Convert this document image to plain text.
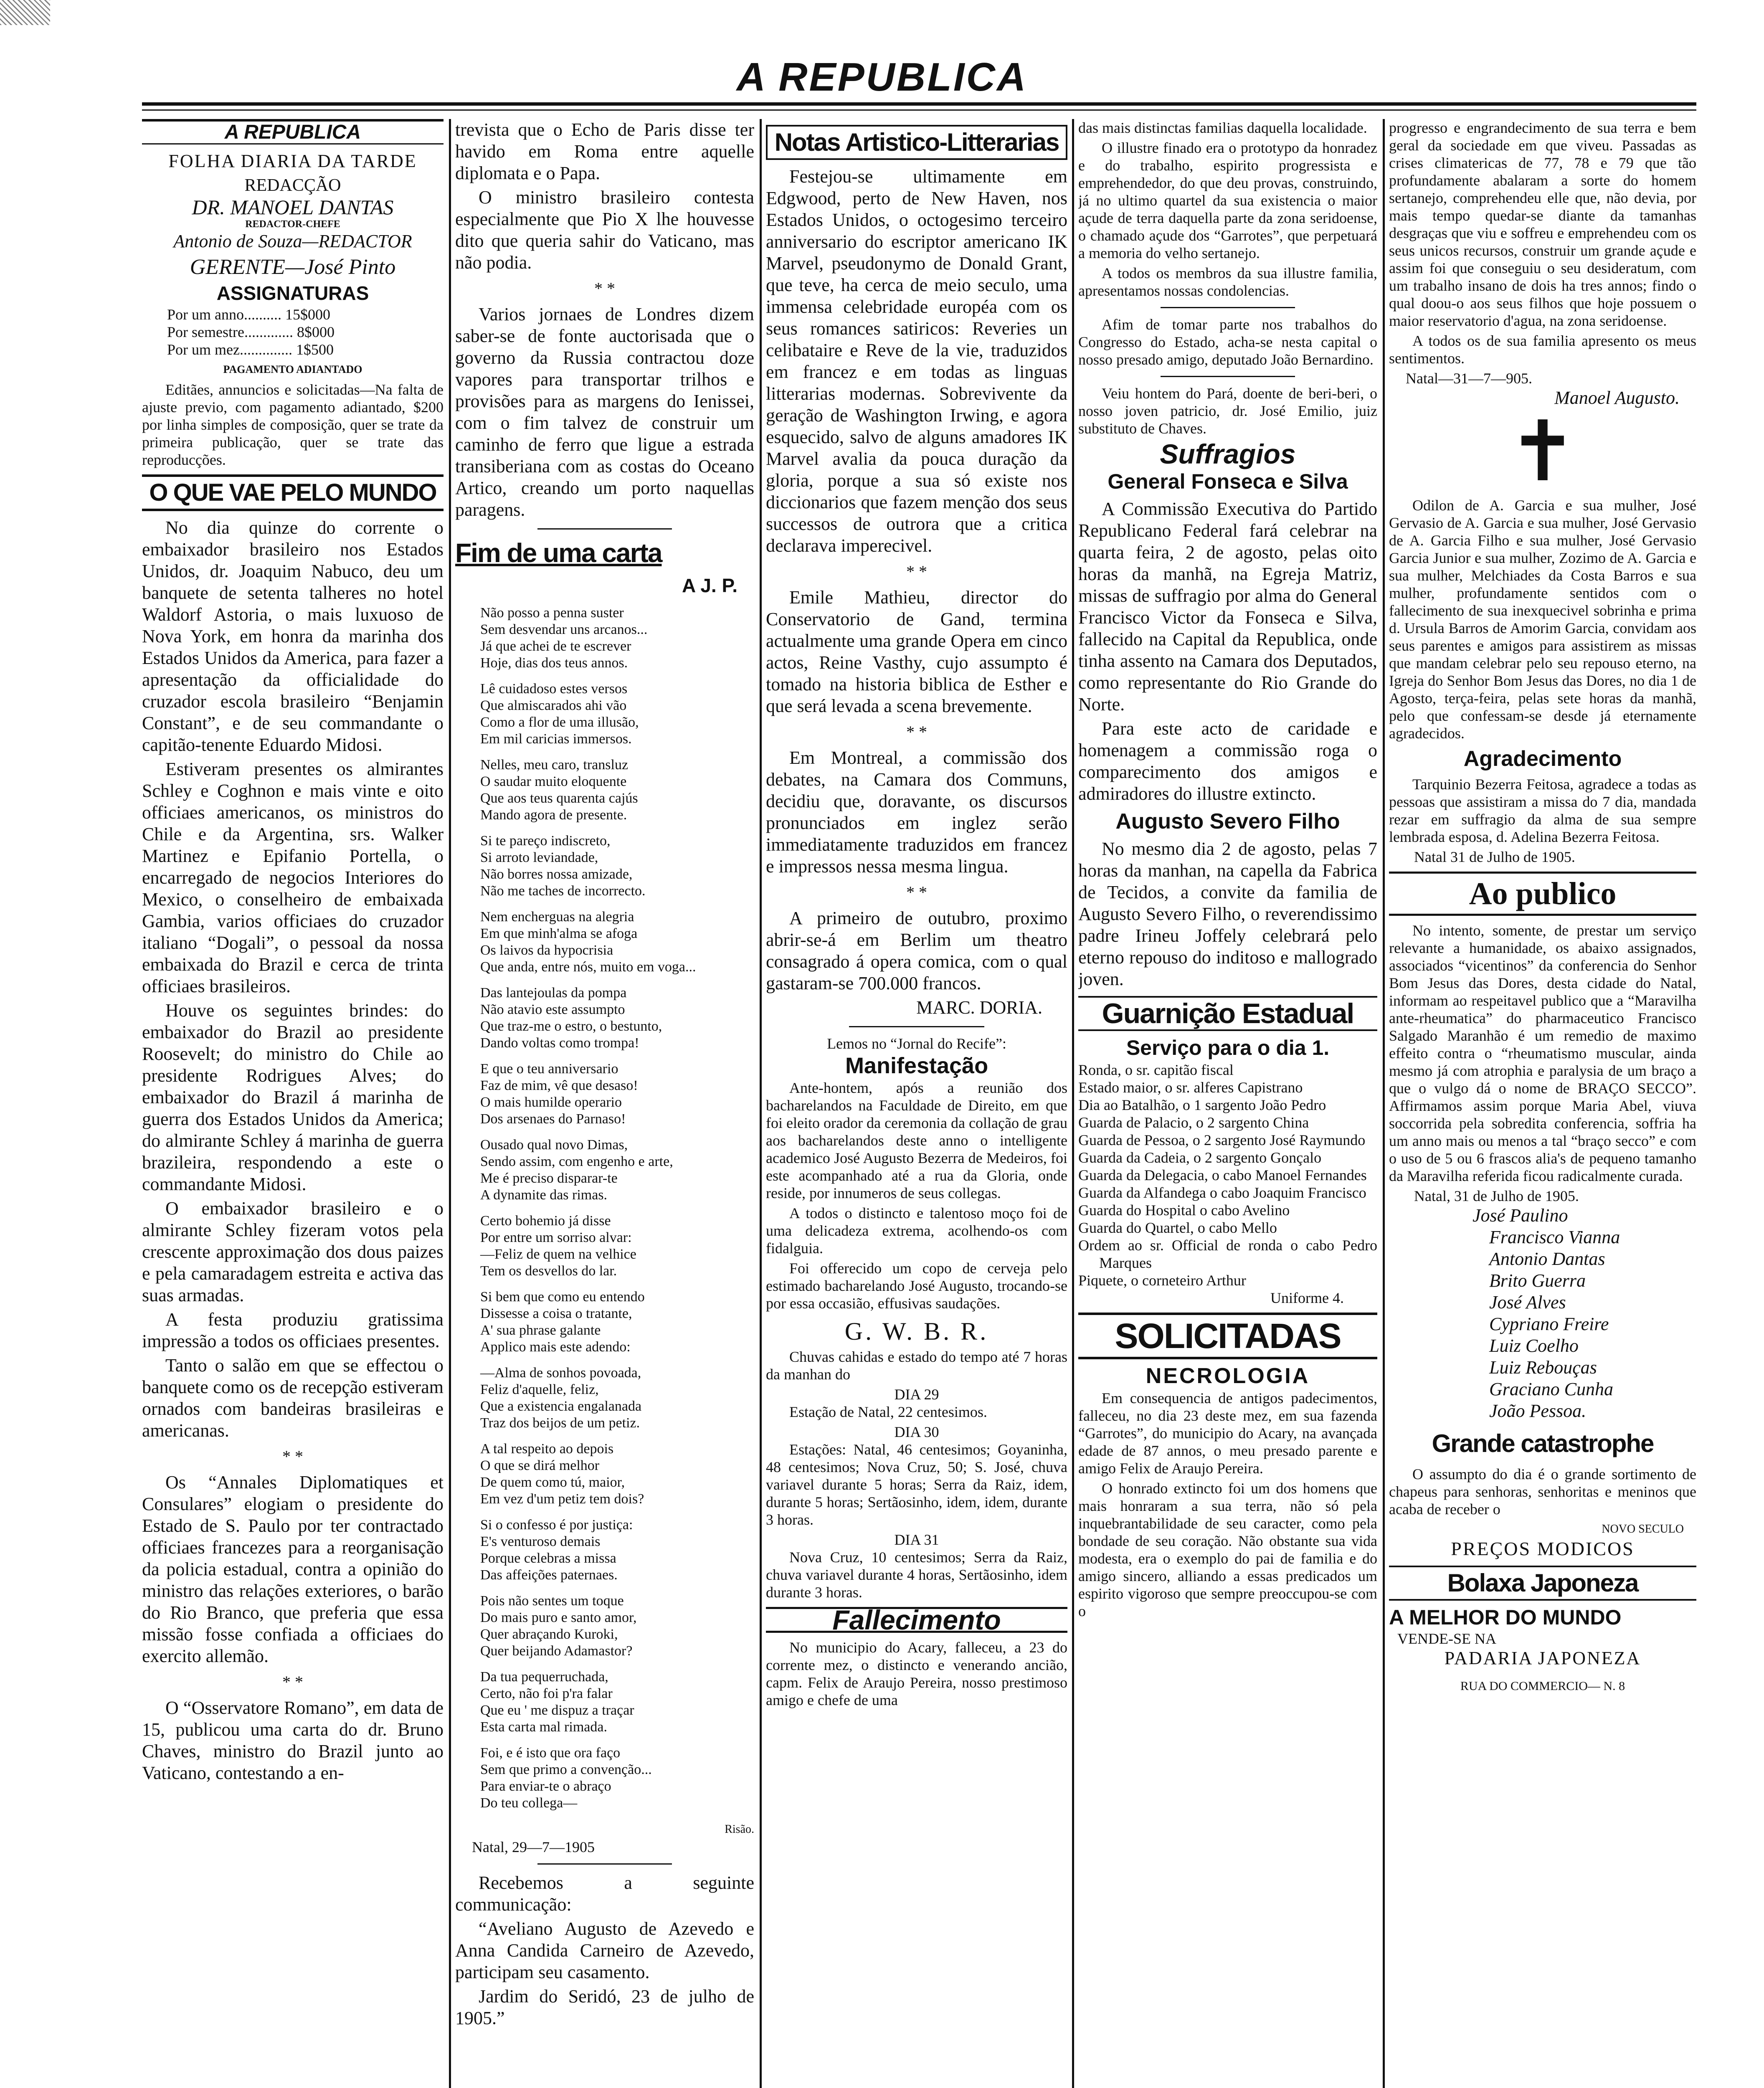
A REPUBLICA
A REPUBLICA
FOLHA DIARIA DA TARDE
REDACÇÃO
DR. MANOEL DANTAS
REDACTOR-CHEFE
Antonio de Souza—REDACTOR
GERENTE—José Pinto
ASSIGNATURAS
Por um anno.......... 15$000
Por semestre............. 8$000
Por um mez.............. 1$500
PAGAMENTO ADIANTADO

Editães, annuncios e solicitadas—Na falta de ajuste previo, com pagamento adiantado, $200 por linha simples de composição, quer se trate da primeira publicação, quer se trate das reproducções.

O QUE VAE PELO MUNDO

No dia quinze do corrente o embaixador brasileiro nos Estados Unidos, dr. Joaquim Nabuco, deu um banquete de setenta talheres no hotel Waldorf Astoria, o mais luxuoso de Nova York, em honra da marinha dos Estados Unidos da America, para fazer a apresentação da officialidade do cruzador escola brasileiro “Benjamin Constant”, e de seu commandante o capitão-tenente Eduardo Midosi.

Estiveram presentes os almirantes Schley e Coghnon e mais vinte e oito officiaes americanos, os ministros do Chile e da Argentina, srs. Walker Martinez e Epifanio Portella, o encarregado de negocios Interiores do Mexico, o conselheiro de embaixada Gambia, varios officiaes do cruzador italiano “Dogali”, o pessoal da nossa embaixada do Brazil e cerca de trinta officiaes brasileiros.

Houve os seguintes brindes: do embaixador do Brazil ao presidente Roosevelt; do ministro do Chile ao presidente Rodrigues Alves; do embaixador do Brazil á marinha de guerra dos Estados Unidos da America; do almirante Schley á marinha de guerra brazileira, respondendo a este o commandante Midosi.

O embaixador brasileiro e o almirante Schley fizeram votos pela crescente approximação dos dous paizes e pela camaradagem estreita e activa das suas armadas.

A festa produziu gratissima impressão a todos os officiaes presentes.

Tanto o salão em que se effectou o banquete como os de recepção estiveram ornados com bandeiras brasileiras e americanas.

* *

Os “Annales Diplomatiques et Consulares” elogiam o presidente do Estado de S. Paulo por ter contractado officiaes francezes para a reorganisação da policia estadual, contra a opinião do ministro das relações exteriores, o barão do Rio Branco, que preferia que essa missão fosse confiada a officiaes do exercito allemão.

* *

O “Osservatore Romano”, em data de 15, publicou uma carta do dr. Bruno Chaves, ministro do Brazil junto ao Vaticano, contestando a en-

trevista que o Echo de Paris disse ter havido em Roma entre aquelle diplomata e o Papa.

O ministro brasileiro contesta especialmente que Pio X lhe houvesse dito que queria sahir do Vaticano, mas não podia.

* *

Varios jornaes de Londres dizem saber-se de fonte auctorisada que o governo da Russia contractou doze vapores para transportar trilhos e provisões para as margens do Ienissei, com o fim talvez de construir um caminho de ferro que ligue a estrada transiberiana com as costas do Oceano Artico, creando um porto naquellas paragens.

Fim de uma carta
A J. P.
Não posso a penna suster
Sem desvendar uns arcanos...
Já que achei de te escrever
Hoje, dias dos teus annos.
Lê cuidadoso estes versos
Que almiscarados ahi vão
Como a flor de uma illusão,
Em mil caricias immersos.
Nelles, meu caro, transluz
O saudar muito eloquente
Que aos teus quarenta cajús
Mando agora de presente.
Si te pareço indiscreto,
Si arroto leviandade,
Não borres nossa amizade,
Não me taches de incorrecto.
Nem encherguas na alegria
Em que minh'alma se afoga
Os laivos da hypocrisia
Que anda, entre nós, muito em voga...
Das lantejoulas da pompa
Não atavio este assumpto
Que traz-me o estro, o bestunto,
Dando voltas como trompa!
E que o teu anniversario
Faz de mim, vê que desaso!
O mais humilde operario
Dos arsenaes do Parnaso!
Ousado qual novo Dimas,
Sendo assim, com engenho e arte,
Me é preciso disparar-te
A dynamite das rimas.
Certo bohemio já disse
Por entre um sorriso alvar:
—Feliz de quem na velhice
Tem os desvellos do lar.
Si bem que como eu entendo
Dissesse a coisa o tratante,
A' sua phrase galante
Applico mais este adendo:
—Alma de sonhos povoada,
Feliz d'aquelle, feliz,
Que a existencia engalanada
Traz dos beijos de um petiz.
A tal respeito ao depois
O que se dirá melhor
De quem como tú, maior,
Em vez d'um petiz tem dois?
Si o confesso é por justiça:
E's venturoso demais
Porque celebras a missa
Das affeições paternaes.
Pois não sentes um toque
Do mais puro e santo amor,
Quer abraçando Kuroki,
Quer beijando Adamastor?
Da tua pequerruchada,
Certo, não foi p'ra falar
Que eu ' me dispuz a traçar
Esta carta mal rimada.
Foi, e é isto que ora faço
Sem que primo a convenção...
Para enviar-te o abraço
Do teu collega—
Risão.
Natal, 29—7—1905

Recebemos a seguinte communicação:

“Aveliano Augusto de Azevedo e Anna Candida Carneiro de Azevedo, participam seu casamento.

Jardim do Seridó, 23 de julho de 1905.”

Notas Artistico-Litterarias

Festejou-se ultimamente em Edgwood, perto de New Haven, nos Estados Unidos, o octogesimo terceiro anniversario do escriptor americano IK Marvel, pseudonymo de Donald Grant, que teve, ha cerca de meio seculo, uma immensa celebridade européa com os seus romances satiricos: Reveries un celibataire e Reve de la vie, traduzidos em francez e em todas as linguas litterarias modernas. Sobrevivente da geração de Washington Irwing, e agora esquecido, salvo de alguns amadores IK Marvel avalia da pouca duração da gloria, porque a sua só existe nos diccionarios que fazem menção dos seus successos de outrora que a critica declarava imperecivel.

* *

Emile Mathieu, director do Conservatorio de Gand, termina actualmente uma grande Opera em cinco actos, Reine Vasthy, cujo assumpto é tomado na historia biblica de Esther e que será levada a scena brevemente.

* *

Em Montreal, a commissão dos debates, na Camara dos Communs, decidiu que, doravante, os discursos pronunciados em inglez serão immediatamente traduzidos em francez e impressos nessa mesma lingua.

* *

A primeiro de outubro, proximo abrir-se-á em Berlim um theatro consagrado á opera comica, com o qual gastaram-se 700.000 francos.

MARC. DORIA.
Lemos no “Jornal do Recife”:
Manifestação

Ante-hontem, após a reunião dos bacharelandos na Faculdade de Direito, em que foi eleito orador da ceremonia da collação de grau aos bacharelandos deste anno o intelligente academico José Augusto Bezerra de Medeiros, foi este acompanhado até a rua da Gloria, onde reside, por innumeros de seus collegas.

A todos o distincto e talentoso moço foi de uma delicadeza extrema, acolhendo-os com fidalguia.

Foi offerecido um copo de cerveja pelo estimado bacharelando José Augusto, trocando-se por essa occasião, effusivas saudações.

G. W. B. R.

Chuvas cahidas e estado do tempo até 7 horas da manhan do

DIA 29

Estação de Natal, 22 centesimos.

DIA 30

Estações: Natal, 46 centesimos; Goyaninha, 48 centesimos; Nova Cruz, 50; S. José, chuva variavel durante 5 horas; Serra da Raiz, idem, durante 5 horas; Sertãosinho, idem, idem, durante 3 horas.

DIA 31

Nova Cruz, 10 centesimos; Serra da Raiz, chuva variavel durante 4 horas, Sertãosinho, idem durante 3 horas.

Fallecimento

No municipio do Acary, falleceu, a 23 do corrente mez, o distincto e venerando ancião, capm. Felix de Araujo Pereira, nosso prestimoso amigo e chefe de uma

das mais distinctas familias daquella localidade.

O illustre finado era o prototypo da honradez e do trabalho, espirito progressista e emprehendedor, do que deu provas, construindo, já no ultimo quartel da sua existencia o maior açude de terra daquella parte da zona seridoense, o chamado açude dos “Garrotes”, que perpetuará a memoria do velho sertanejo.

A todos os membros da sua illustre familia, apresentamos nossas condolencias.

Afim de tomar parte nos trabalhos do Congresso do Estado, acha-se nesta capital o nosso presado amigo, deputado João Bernardino.

Veiu hontem do Pará, doente de beri-beri, o nosso joven patricio, dr. José Emilio, juiz substituto de Chaves.

Suffragios
General Fonseca e Silva

A Commissão Executiva do Partido Republicano Federal fará celebrar na quarta feira, 2 de agosto, pelas oito horas da manhã, na Egreja Matriz, missas de suffragio por alma do General Francisco Victor da Fonseca e Silva, fallecido na Capital da Republica, onde tinha assento na Camara dos Deputados, como representante do Rio Grande do Norte.

Para este acto de caridade e homenagem a commissão roga o comparecimento dos amigos e admiradores do illustre extincto.

Augusto Severo Filho

No mesmo dia 2 de agosto, pelas 7 horas da manhan, na capella da Fabrica de Tecidos, a convite da familia de Augusto Severo Filho, o reverendissimo padre Irineu Joffely celebrará pelo eterno repouso do inditoso e mallogrado joven.

Guarnição Estadual
Serviço para o dia 1.
Ronda, o sr. capitão fiscal
Estado maior, o sr. alferes Capistrano
Dia ao Batalhão, o 1 sargento João Pedro
Guarda de Palacio, o 2 sargento China
Guarda de Pessoa, o 2 sargento José Raymundo
Guarda da Cadeia, o 2 sargento Gonçalo
Guarda da Delegacia, o cabo Manoel Fernandes
Guarda da Alfandega o cabo Joaquim Francisco
Guarda do Hospital o cabo Avelino
Guarda do Quartel, o cabo Mello
Ordem ao sr. Official de ronda o cabo Pedro Marques
Piquete, o corneteiro Arthur
Uniforme 4.
SOLICITADAS
NECROLOGIA

Em consequencia de antigos padecimentos, falleceu, no dia 23 deste mez, em sua fazenda “Garrotes”, do municipio do Acary, na avançada edade de 87 annos, o meu presado parente e amigo Felix de Araujo Pereira.

O honrado extincto foi um dos homens que mais honraram a sua terra, não só pela inquebrantabilidade de seu caracter, como pela bondade de seu coração. Não obstante sua vida modesta, era o exemplo do pai de familia e do amigo sincero, alliando a essas predicados um espirito vigoroso que sempre preoccupou-se com o

progresso e engrandecimento de sua terra e bem geral da sociedade em que viveu. Passadas as crises climatericas de 77, 78 e 79 que tão profundamente abalaram a sorte do homem sertanejo, comprehendeu elle que, não devia, por mais tempo quedar-se diante da tamanhas desgraças que viu e soffreu e emprehendeu com os seus unicos recursos, construir um grande açude e assim foi que conseguiu o seu desideratum, com um trabalho insano de dois ha tres annos; findo o qual doou-o aos seus filhos que hoje possuem o maior reservatorio d'agua, na zona seridoense.

A todos os de sua familia apresento os meus sentimentos.

Natal—31—7—905.
Manoel Augusto.
✝

Odilon de A. Garcia e sua mulher, José Gervasio de A. Garcia e sua mulher, José Gervasio de A. Garcia Filho e sua mulher, José Gervasio Garcia Junior e sua mulher, Zozimo de A. Garcia e sua mulher, Melchiades da Costa Barros e sua mulher, profundamente sentidos com o fallecimento de sua inexquecivel sobrinha e prima d. Ursula Barros de Amorim Garcia, convidam aos seus parentes e amigos para assistirem as missas que mandam celebrar pelo seu repouso eterno, na Igreja do Senhor Bom Jesus das Dores, no dia 1 de Agosto, terça-feira, pelas sete horas da manhã, pelo que confessam-se desde já eternamente agradecidos.

Agradecimento

Tarquinio Bezerra Feitosa, agradece a todas as pessoas que assistiram a missa do 7 dia, mandada rezar em suffragio da alma de sua sempre lembrada esposa, d. Adelina Bezerra Feitosa.

Natal 31 de Julho de 1905.
Ao publico

No intento, somente, de prestar um serviço relevante a humanidade, os abaixo assignados, associados “vicentinos” da conferencia do Senhor Bom Jesus das Dores, desta cidade do Natal, informam ao respeitavel publico que a “Maravilha ante-rheumatica” do pharmaceutico Francisco Salgado Maranhão é um remedio de maximo effeito contra o “rheumatismo muscular, ainda mesmo já com atrophia e paralysia de um braço a que o vulgo dá o nome de BRAÇO SECCO”. Affirmamos assim porque Maria Abel, viuva soccorrida pela sobredita conferencia, soffria ha um anno mais ou menos a tal “braço secco” e com o uso de 5 ou 6 frascos alia's de pequeno tamanho da Maravilha referida ficou radicalmente curada.

Natal, 31 de Julho de 1905.
José Paulino
Francisco Vianna
Antonio Dantas
Brito Guerra
José Alves
Cypriano Freire
Luiz Coelho
Luiz Rebouças
Graciano Cunha
João Pessoa.
Grande catastrophe

O assumpto do dia é o grande sortimento de chapeus para senhoras, senhoritas e meninos que acaba de receber o

NOVO SECULO
PREÇOS MODICOS
Bolaxa Japoneza
A MELHOR DO MUNDO
VENDE-SE NA
PADARIA JAPONEZA
RUA DO COMMERCIO— N. 8
